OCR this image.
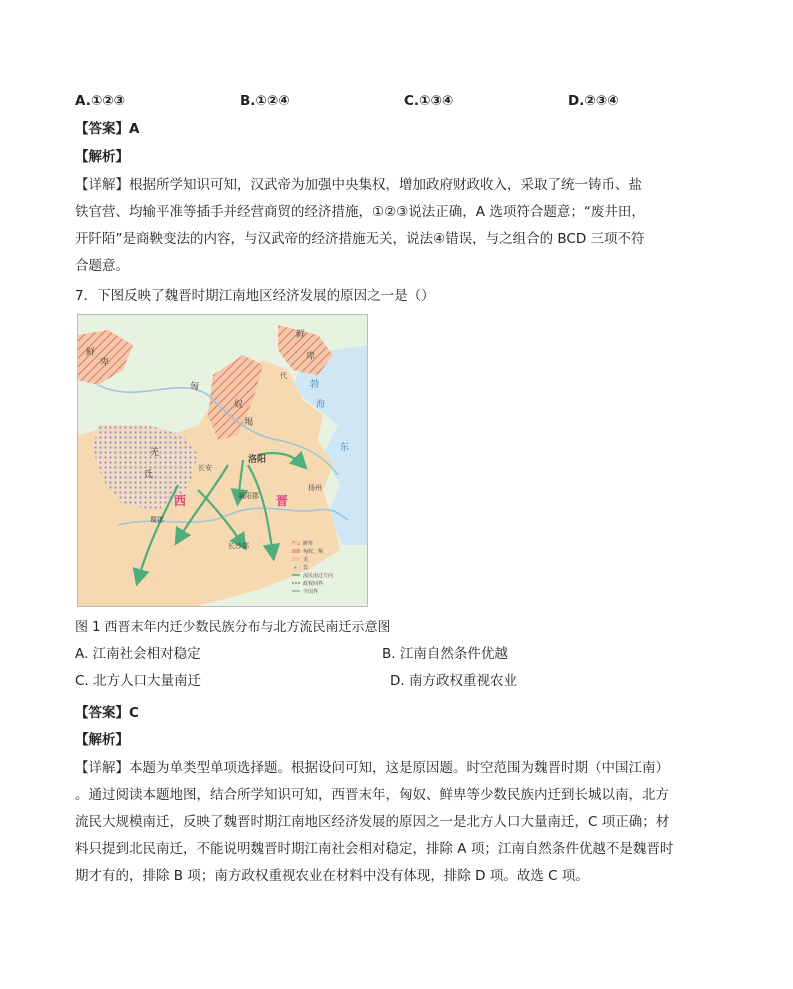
A.①②③	B.①②④	C.①③④	D.②③④
【答案】A
【解析】
【详解】根据所学知识可知，汉武帝为加强中央集权，增加政府财政收入，采取了统一铸币、盐
铁官营、均输平准等插手并经营商贸的经济措施，①②③说法正确，A 选项符合题意；“废井田，
开阡陌”是商鞅变法的内容，与汉武帝的经济措施无关，说法④错误，与之组合的 BCD 三项不符
合题意。
7．下图反映了魏晋时期江南地区经济发展的原因之一是（）
鲜
卑
鲜
卑
匈
奴
羯
羌
氐
洛阳
长安
西	晋
襄阳郡
蜀郡
长沙郡
扬州
代
勃
海
东
鲜卑
匈奴、羯
羌
氐
流民南迁方向
政权间界
今国界
图 1 西晋末年内迁少数民族分布与北方流民南迁示意图
A. 江南社会相对稳定	B. 江南自然条件优越
C. 北方人口大量南迁	D. 南方政权重视农业
【答案】C
【解析】
【详解】本题为单类型单项选择题。根据设问可知，这是原因题。时空范围为魏晋时期（中国江南）
。通过阅读本题地图，结合所学知识可知，西晋末年，匈奴、鲜卑等少数民族内迁到长城以南，北方
流民大规模南迁，反映了魏晋时期江南地区经济发展的原因之一是北方人口大量南迁，C 项正确；材
料只提到北民南迁，不能说明魏晋时期江南社会相对稳定，排除 A 项；江南自然条件优越不是魏晋时
期才有的，排除 B 项；南方政权重视农业在材料中没有体现，排除 D 项。故选 C 项。
